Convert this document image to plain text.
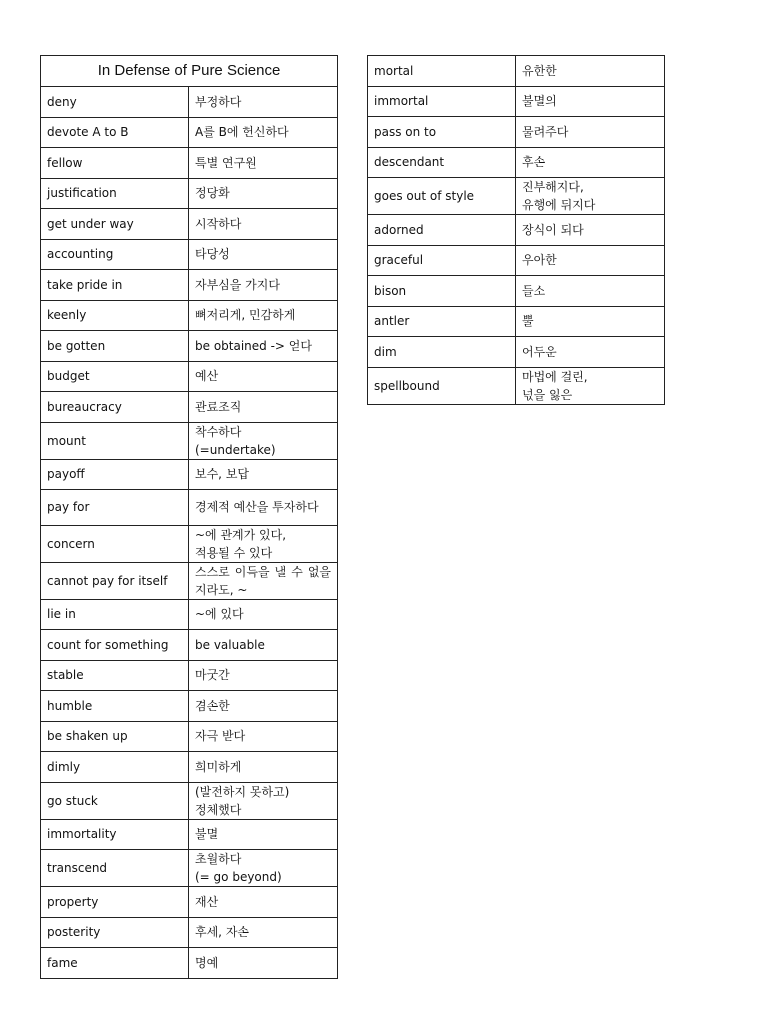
In Defense of Pure Science	
deny	부정하다
devote A to B	A를 B에 헌신하다
fellow	특별 연구원
justification	정당화
get under way	시작하다
accounting	타당성
take pride in	자부심을 가지다
keenly	뼈저리게, 민감하게
be gotten	be obtained -> 얻다
budget	예산
bureaucracy	관료조직
mount	착수하다
(=undertake)
payoff	보수, 보답
pay for	경제적 예산을 투자하다
concern	~에 관계가 있다,
적용될 수 있다
cannot pay for itself	스스로 이득을 낼 수 없을지라도, ~
lie in	~에 있다
count for something	be valuable
stable	마굿간
humble	겸손한
be shaken up	자극 받다
dimly	희미하게
go stuck	(발전하지 못하고)
정체했다
immortality	불멸
transcend	초월하다
(= go beyond)
property	재산
posterity	후세, 자손
fame	명예
mortal	유한한
immortal	불멸의
pass on to	물려주다
descendant	후손
goes out of style	진부해지다,
유행에 뒤지다
adorned	장식이 되다
graceful	우아한
bison	들소
antler	뿔
dim	어두운
spellbound	마법에 걸린,
넋을 잃은
